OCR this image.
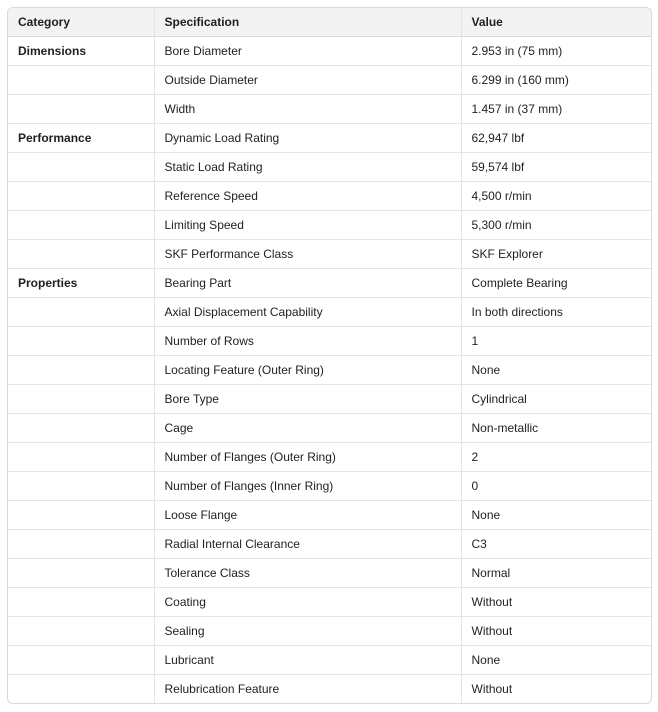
Category	Specification	Value
Dimensions	Bore Diameter	2.953 in (75 mm)
	Outside Diameter	6.299 in (160 mm)
	Width	1.457 in (37 mm)
Performance	Dynamic Load Rating	62,947 lbf
	Static Load Rating	59,574 lbf
	Reference Speed	4,500 r/min
	Limiting Speed	5,300 r/min
	SKF Performance Class	SKF Explorer
Properties	Bearing Part	Complete Bearing
	Axial Displacement Capability	In both directions
	Number of Rows	1
	Locating Feature (Outer Ring)	None
	Bore Type	Cylindrical
	Cage	Non-metallic
	Number of Flanges (Outer Ring)	2
	Number of Flanges (Inner Ring)	0
	Loose Flange	None
	Radial Internal Clearance	C3
	Tolerance Class	Normal
	Coating	Without
	Sealing	Without
	Lubricant	None
	Relubrication Feature	Without
